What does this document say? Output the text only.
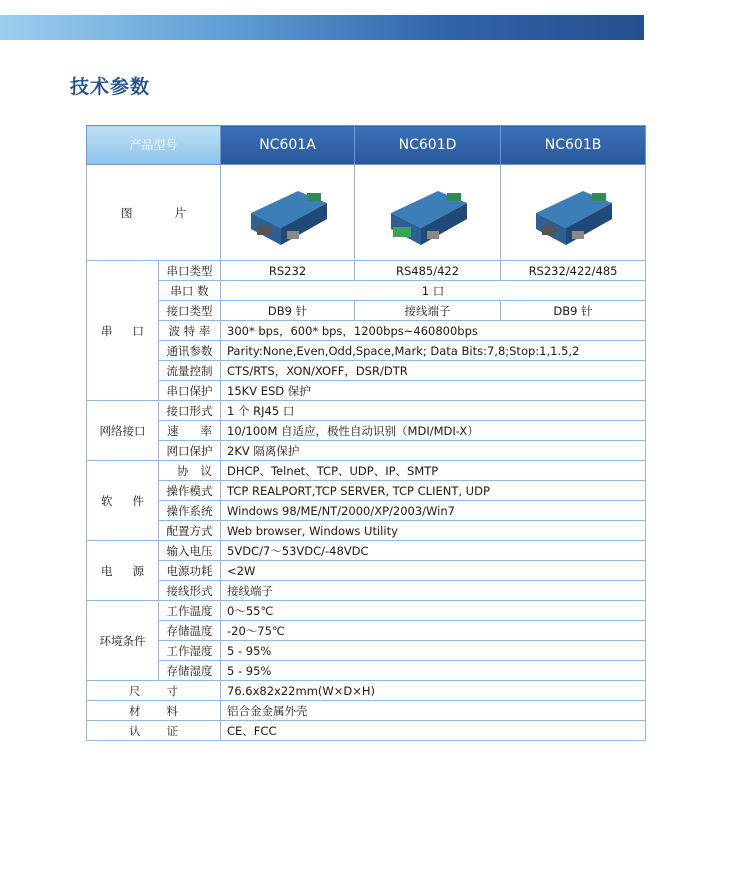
技术参数
产品型号		NC601A	NC601D	NC601B

图 片

串 口	串口类型	RS232	RS485/422	RS232/422/485
	串口 数	1 口		
	接口类型	DB9 针	接线端子	DB9 针
	波 特 率	300* bps，600* bps，1200bps~460800bps		
	通讯参数	Parity:None,Even,Odd,Space,Mark; Data Bits:7,8;Stop:1,1.5,2		
	流量控制	CTS/RTS，XON/XOFF，DSR/DTR		
	串口保护	15KV ESD 保护		
网络接口	接口形式	1 个 RJ45 口		

	速 率	10/100M 自适应，极性自动识别（MDI/MDI-X）		
	网口保护	2KV 隔离保护		

软 件	协 议	DHCP、Telnet、TCP、UDP、IP、SMTP		
	操作模式	TCP REALPORT,TCP SERVER, TCP CLIENT, UDP		
	操作系统	Windows 98/ME/NT/2000/XP/2003/Win7		
	配置方式	Web browser, Windows Utility		

电 源	输入电压	5VDC/7～53VDC/-48VDC		
	电源功耗	<2W		
	接线形式	接线端子		
环境条件	工作温度	0～55℃		
	存储温度	-20～75℃		
	工作湿度	5 - 95%		
	存储湿度	5 - 95%		

尺 寸		76.6x82x22mm(W×D×H)		

材 料		铝合金金属外壳		

认 证		CE、FCC		
